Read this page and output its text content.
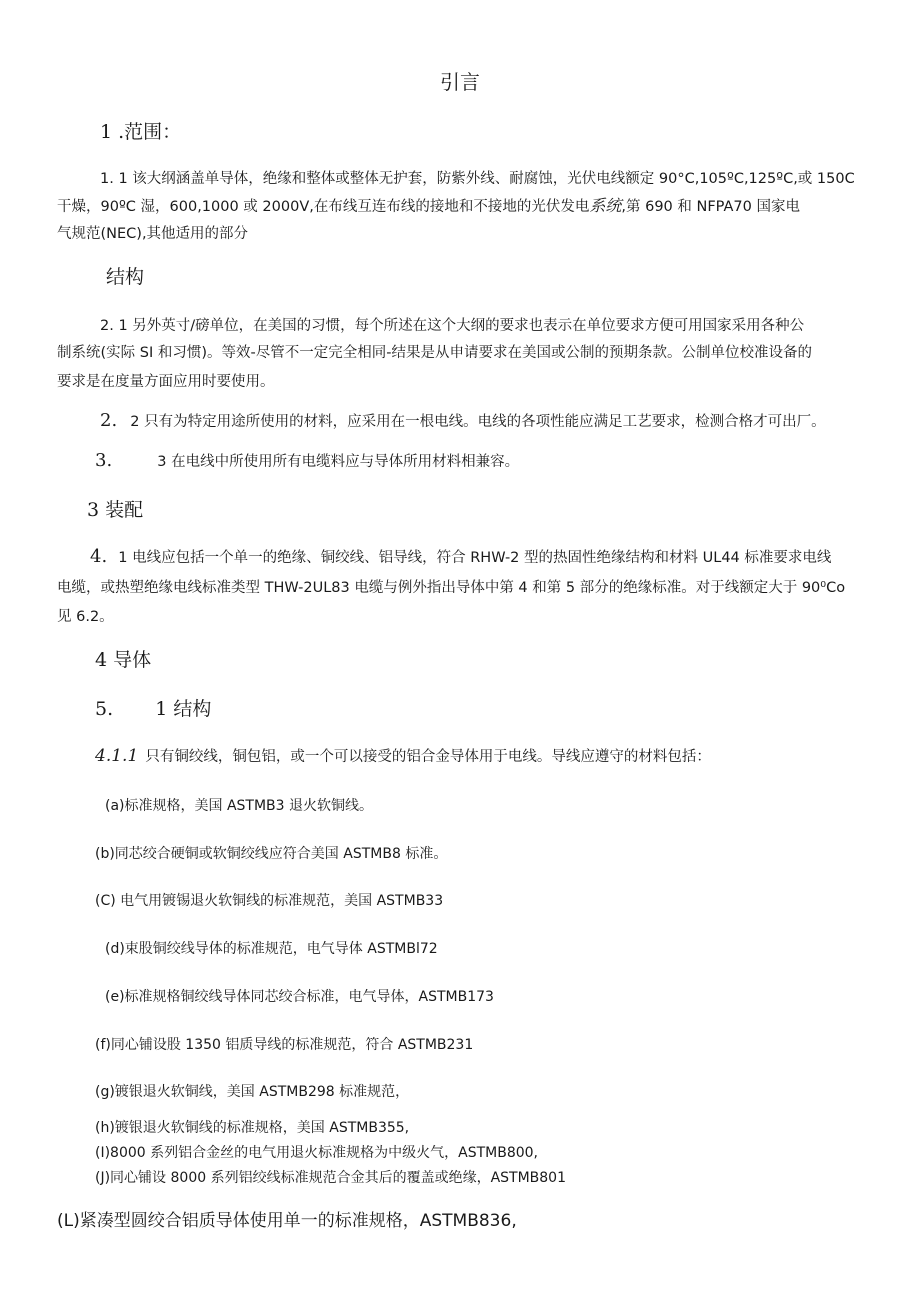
引言
1 .范围：
1. 1 该大纲涵盖单导体，绝缘和整体或整体无护套，防紫外线、耐腐蚀，光伏电线额定 90°C,105ºC,125ºC,或 150C
干燥，90ºC 湿，600,1000 或 2000V,在布线互连布线的接地和不接地的光伏发电系统,第 690 和 NFPA70 国家电
气规范(NEC),其他适用的部分
结构
2. 1 另外英寸/磅单位，在美国的习惯，每个所述在这个大纲的要求也表示在单位要求方便可用国家采用各种公
制系统(实际 SI 和习惯)。等效-尽管不一定完全相同-结果是从申请要求在美国或公制的预期条款。公制单位校准设备的
要求是在度量方面应用时要使用。
2. 2 只有为特定用途所使用的材料，应采用在一根电线。电线的各项性能应满足工艺要求，检测合格才可出厂。
3.	3 在电线中所使用所有电缆料应与导体所用材料相兼容。
3 装配
4. 1 电线应包括一个单一的绝缘、铜绞线、铝导线，符合 RHW-2 型的热固性绝缘结构和材料 UL44 标准要求电线
电缆，或热塑绝缘电线标准类型 THW-2UL83 电缆与例外指出导体中第 4 和第 5 部分的绝缘标准。对于线额定大于 90⁰Co
见 6.2。
4 导体
5. 1 结构
4.1.1 只有铜绞线，铜包铝，或一个可以接受的铝合金导体用于电线。导线应遵守的材料包括：
(a)标准规格，美国 ASTMB3 退火软铜线。
(b)同芯绞合硬铜或软铜绞线应符合美国 ASTMB8 标准。
(C) 电气用镀锡退火软铜线的标准规范，美国 ASTMB33
(d)束股铜绞线导体的标准规范，电气导体 ASTMBl72
(e)标准规格铜绞线导体同芯绞合标准，电气导体，ASTMB173
(f)同心铺设股 1350 铝质导线的标准规范，符合 ASTMB231
(g)镀银退火软铜线，美国 ASTMB298 标准规范，
(h)镀银退火软铜线的标准规格，美国 ASTMB355,
(I)8000 系列铝合金丝的电气用退火标准规格为中级火气，ASTMB800,
(J)同心铺设 8000 系列铝绞线标准规范合金其后的覆盖或绝缘，ASTMB801
(L)紧凑型圆绞合铝质导体使用单一的标准规格，ASTMB836,
